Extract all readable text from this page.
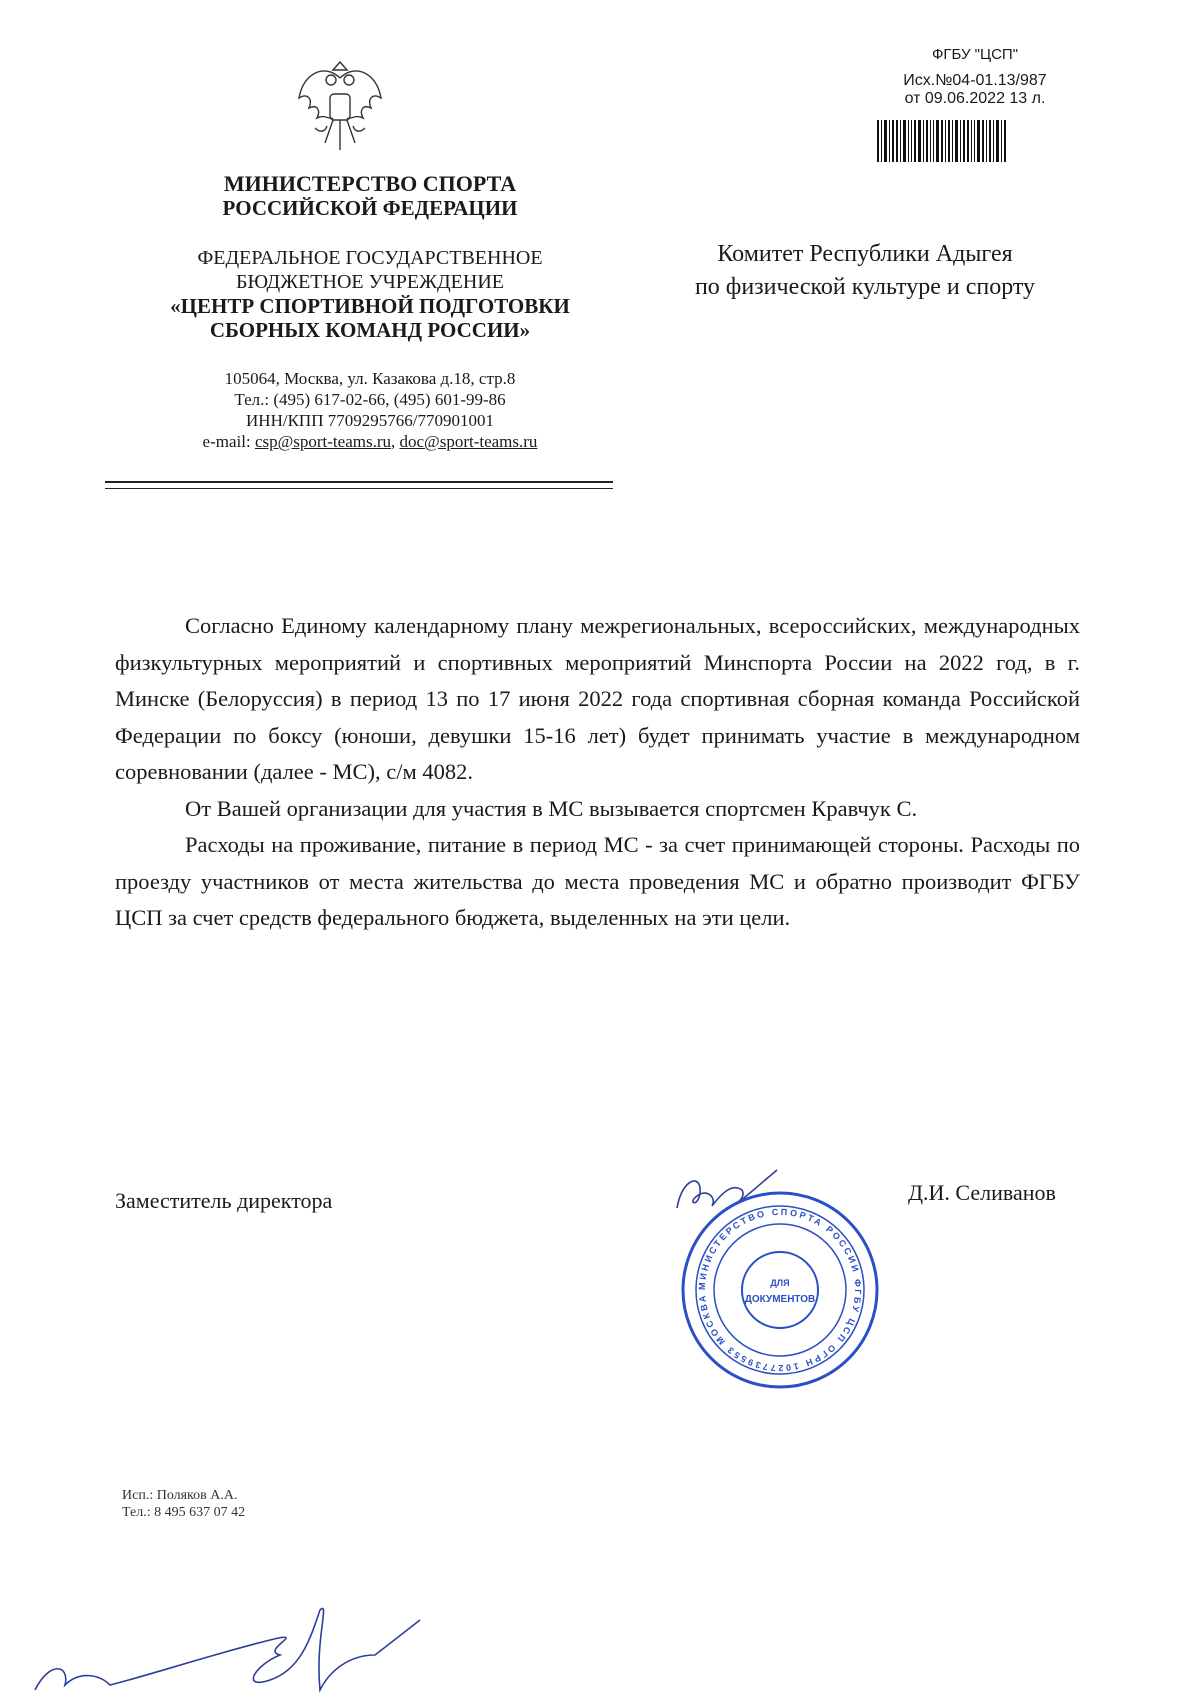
МИНИСТЕРСТВО СПОРТА
РОССИЙСКОЙ ФЕДЕРАЦИИ
ФЕДЕРАЛЬНОЕ ГОСУДАРСТВЕННОЕ
БЮДЖЕТНОЕ УЧРЕЖДЕНИЕ
«ЦЕНТР СПОРТИВНОЙ ПОДГОТОВКИ
СБОРНЫХ КОМАНД РОССИИ»
105064, Москва, ул. Казакова д.18, стр.8
Тел.: (495) 617-02-66, (495) 601-99-86
ИНН/КПП 7709295766/770901001
e-mail: csp@sport-teams.ru, doc@sport-teams.ru
ФГБУ "ЦСП"
Исх.№04-01.13/987
от 09.06.2022 13 л.
Комитет Республики Адыгея
по физической культуре и спорту

Согласно Единому календарному плану межрегиональных, всероссийских, международных физкультурных мероприятий и спортивных мероприятий Минспорта России на 2022 год, в г. Минске (Белоруссия) в период 13 по 17 июня 2022 года спортивная сборная команда Российской Федерации по боксу (юноши, девушки 15-16 лет) будет принимать участие в международном соревновании (далее - МС), с/м 4082.

От Вашей организации для участия в МС вызывается спортсмен Кравчук С.

Расходы на проживание, питание в период МС - за счет принимающей стороны. Расходы по проезду участников от места жительства до места проведения МС и обратно производит ФГБУ ЦСП за счет средств федерального бюджета, выделенных на эти цели.

Заместитель директора	Д.И. Селиванов
МИНИСТЕРСТВО СПОРТА РОССИИ ФГБУ ЦСП ОГРН 1027739553 МОСКВА
ДЛЯ
ДОКУМЕНТОВ
Исп.: Поляков А.А.
Тел.: 8 495 637 07 42
